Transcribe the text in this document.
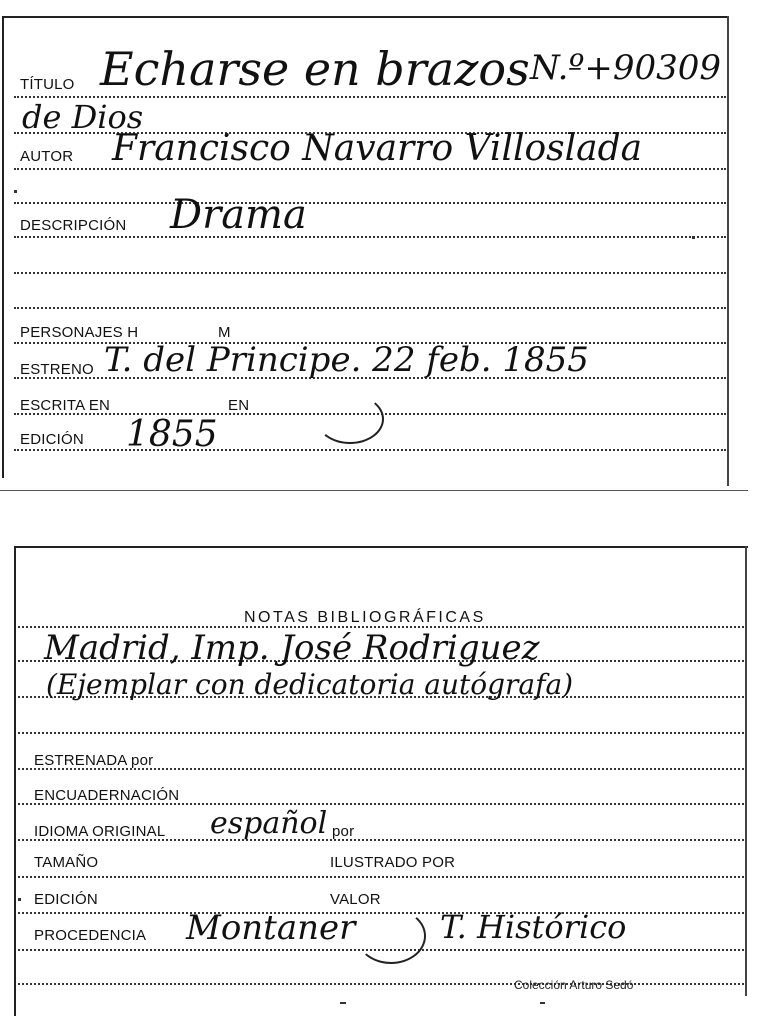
TÍTULO Echarse en brazos N.º+90309
de Dios
AUTOR Francisco Navarro Villoslada
DESCRIPCIÓN Drama
PERSONAJES H	M
ESTRENO T. del Principe. 22 feb. 1855
ESCRITA EN	EN
EDICIÓN 1855
NOTAS BIBLIOGRÁFICAS
Madrid, Imp. José Rodriguez
(Ejemplar con dedicatoria autógrafa)
ESTRENADA por
ENCUADERNACIÓN
IDIOMA ORIGINAL español por
TAMAÑO	ILUSTRADO POR
EDICIÓN	VALOR
PROCEDENCIA Montaner	T. Histórico
Colección Arturo Sedó
